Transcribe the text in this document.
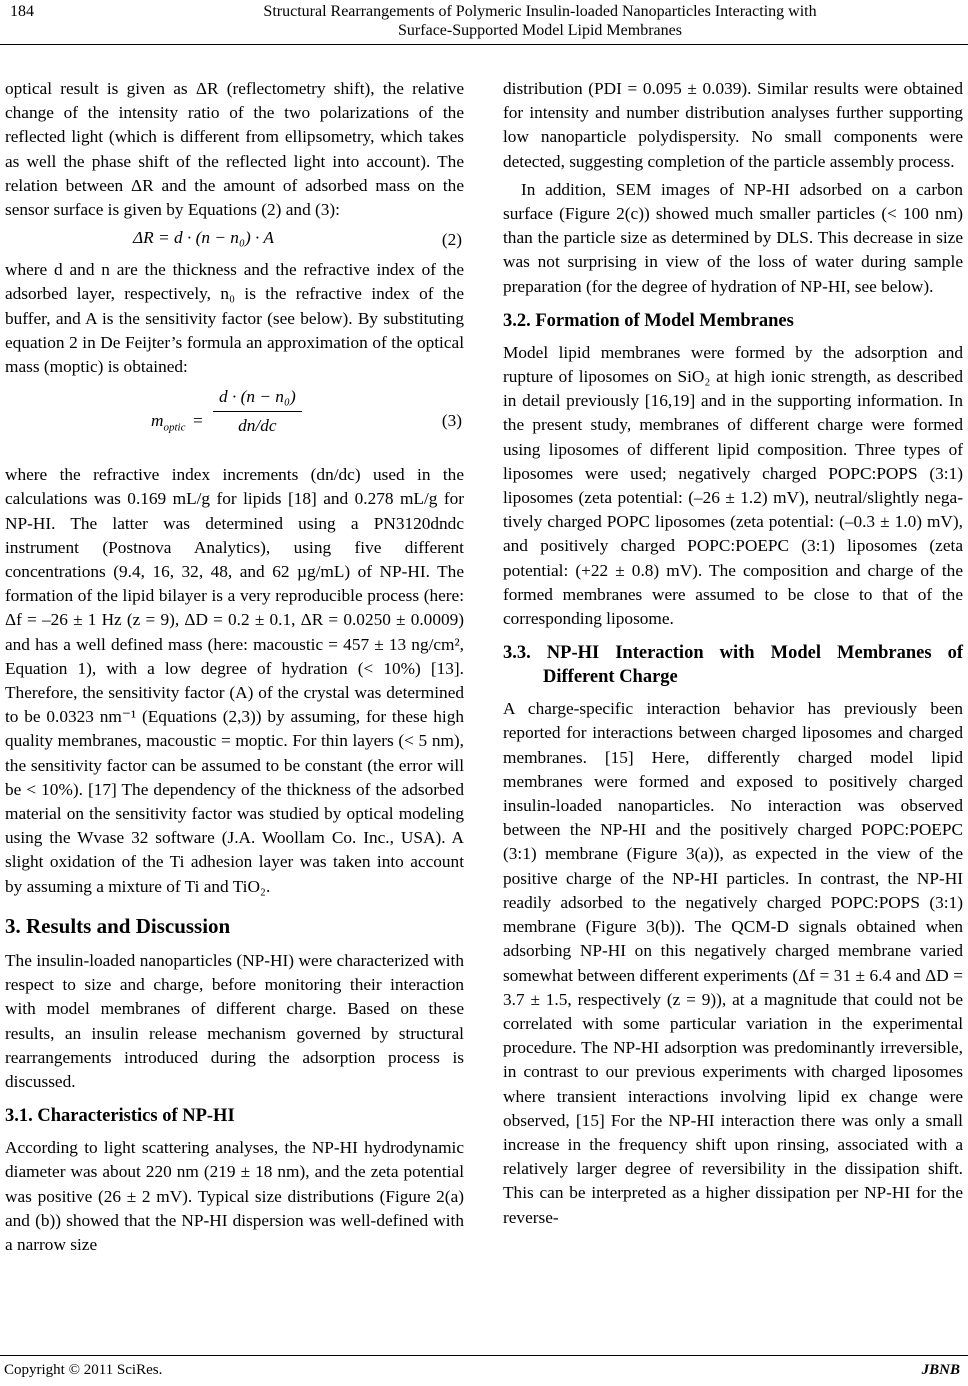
184	Structural Rearrangements of Polymeric Insulin-loaded Nanoparticles Interacting with
Surface-Supported Model Lipid Membranes

optical result is given as ΔR (reflectometry shift), the relative change of the intensity ratio of the two polarizations of the reflected light (which is different from ellipsometry, which takes as well the phase shift of the reflected light into account). The relation between ΔR and the amount of adsorbed mass on the sensor surface is given by Equations (2) and (3):

ΔR = d · (n − n₀) · A	(2)

where d and n are the thickness and the refractive index of the adsorbed layer, respectively, n₀ is the refractive index of the buffer, and A is the sensitivity factor (see below). By substituting equation 2 in De Feijter’s formula an approximation of the optical mass (moptic) is obtained:

$m_{optic} = \frac{\text{d · (n − n₀)}}{dn/dc}$	(3)

where the refractive index increments (dn/dc) used in the calculations was 0.169 mL/g for lipids [18] and 0.278 mL/g for NP-HI. The latter was determined using a PN3120dndc instrument (Postnova Analytics), using five different concentrations (9.4, 16, 32, 48, and 62 µg/mL) of NP-HI. The formation of the lipid bilayer is a very reproducible process (here: Δf = –26 ± 1 Hz (z = 9), ΔD = 0.2 ± 0.1, ΔR = 0.0250 ± 0.0009) and has a well defined mass (here: macoustic = 457 ± 13 ng/cm², Equation 1), with a low degree of hydration (< 10%) [13]. Therefore, the sensitivity factor (A) of the crystal was determined to be 0.0323 nm⁻¹ (Equations (2,3)) by assuming, for these high quality membranes, macoustic = moptic. For thin layers (< 5 nm), the sensitivity factor can be assumed to be constant (the error will be < 10%). [17] The dependency of the thickness of the adsorbed material on the sensitivity factor was studied by optical modeling using the Wvase 32 software (J.A. Woollam Co. Inc., USA). A slight oxidation of the Ti adhesion layer was taken into account by assuming a mixture of Ti and TiO₂.

3. Results and Discussion

The insulin-loaded nanoparticles (NP-HI) were characterized with respect to size and charge, before monitoring their interaction with model membranes of different charge. Based on these results, an insulin release mechanism governed by structural rearrangements introduced during the adsorption process is discussed.

3.1. Characteristics of NP-HI

According to light scattering analyses, the NP-HI hydrodynamic diameter was about 220 nm (219 ± 18 nm), and the zeta potential was positive (26 ± 2 mV). Typical size distributions (Figure 2(a) and (b)) showed that the NP-HI dispersion was well-defined with a narrow size

distribution (PDI = 0.095 ± 0.039). Similar results were obtained for intensity and number distribution analyses further supporting low nanoparticle polydispersity. No small components were detected, suggesting completion of the particle assembly process.

In addition, SEM images of NP-HI adsorbed on a carbon surface (Figure 2(c)) showed much smaller particles (< 100 nm) than the particle size as determined by DLS. This decrease in size was not surprising in view of the loss of water during sample preparation (for the degree of hydration of NP-HI, see below).

3.2. Formation of Model Membranes

Model lipid membranes were formed by the adsorption and rupture of liposomes on SiO₂ at high ionic strength, as described in detail previously [16,19] and in the supporting information. In the present study, membranes of different charge were formed using liposomes of different lipid composition. Three types of liposomes were used; negatively charged POPC:POPS (3:1) liposomes (zeta potential: (–26 ± 1.2) mV), neutral/slightly negatively charged POPC liposomes (zeta potential: (–0.3 ± 1.0) mV), and positively charged POPC:POEPC (3:1) liposomes (zeta potential: (+22 ± 0.8) mV). The composition and charge of the formed membranes were assumed to be close to that of the corresponding liposome.

3.3. NP-HI Interaction with Model Membranes of Different Charge

A charge-specific interaction behavior has previously been reported for interactions between charged liposomes and charged membranes. [15] Here, differently charged model lipid membranes were formed and exposed to positively charged insulin-loaded nanoparticles. No interaction was observed between the NP-HI and the positively charged POPC:POEPC (3:1) membrane (Figure 3(a)), as expected in the view of the positive charge of the NP-HI particles. In contrast, the NP-HI readily adsorbed to the negatively charged POPC:POPS (3:1) membrane (Figure 3(b)). The QCM-D signals obtained when adsorbing NP-HI on this negatively charged membrane varied somewhat between different experiments (Δf = 31 ± 6.4 and ΔD = 3.7 ± 1.5, respectively (z = 9)), at a magnitude that could not be correlated with some particular variation in the experimental procedure. The NP-HI adsorption was predominantly irreversible, in contrast to our previous experiments with charged liposomes where transient interactions involving lipid ex change were observed, [15] For the NP-HI interaction there was only a small increase in the frequency shift upon rinsing, associated with a relatively larger degree of reversibility in the dissipation shift. This can be interpreted as a higher dissipation per NP-HI for the reverse-

Copyright © 2011 SciRes.	JBNB
